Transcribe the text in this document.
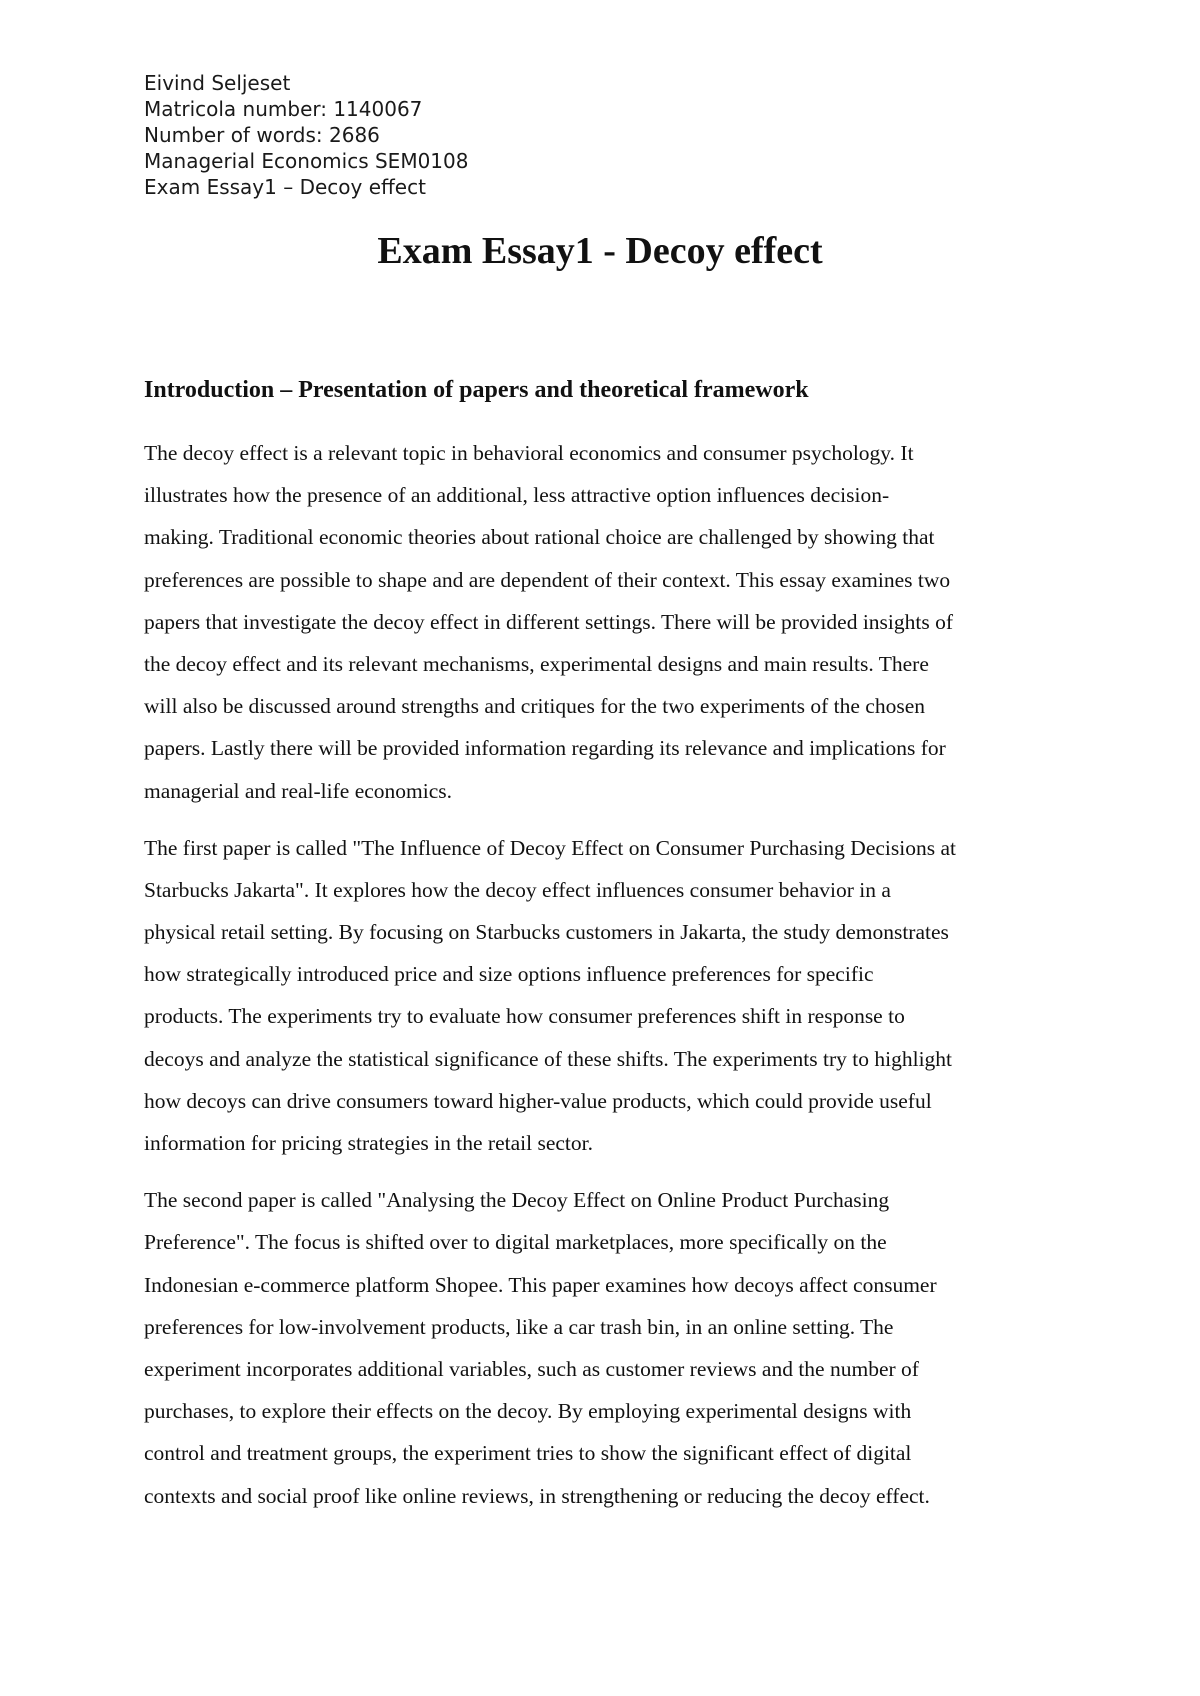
Eivind Seljeset
Matricola number: 1140067
Number of words: 2686
Managerial Economics SEM0108
Exam Essay1 – Decoy effect
Exam Essay1 - Decoy effect
Introduction – Presentation of papers and theoretical framework

The decoy effect is a relevant topic in behavioral economics and consumer psychology. It
illustrates how the presence of an additional, less attractive option influences decision-
making. Traditional economic theories about rational choice are challenged by showing that
preferences are possible to shape and are dependent of their context. This essay examines two
papers that investigate the decoy effect in different settings. There will be provided insights of
the decoy effect and its relevant mechanisms, experimental designs and main results. There
will also be discussed around strengths and critiques for the two experiments of the chosen
papers. Lastly there will be provided information regarding its relevance and implications for
managerial and real-life economics.

The first paper is called "The Influence of Decoy Effect on Consumer Purchasing Decisions at
Starbucks Jakarta". It explores how the decoy effect influences consumer behavior in a
physical retail setting. By focusing on Starbucks customers in Jakarta, the study demonstrates
how strategically introduced price and size options influence preferences for specific
products. The experiments try to evaluate how consumer preferences shift in response to
decoys and analyze the statistical significance of these shifts. The experiments try to highlight
how decoys can drive consumers toward higher-value products, which could provide useful
information for pricing strategies in the retail sector.

The second paper is called "Analysing the Decoy Effect on Online Product Purchasing
Preference". The focus is shifted over to digital marketplaces, more specifically on the
Indonesian e-commerce platform Shopee. This paper examines how decoys affect consumer
preferences for low-involvement products, like a car trash bin, in an online setting. The
experiment incorporates additional variables, such as customer reviews and the number of
purchases, to explore their effects on the decoy. By employing experimental designs with
control and treatment groups, the experiment tries to show the significant effect of digital
contexts and social proof like online reviews, in strengthening or reducing the decoy effect.
